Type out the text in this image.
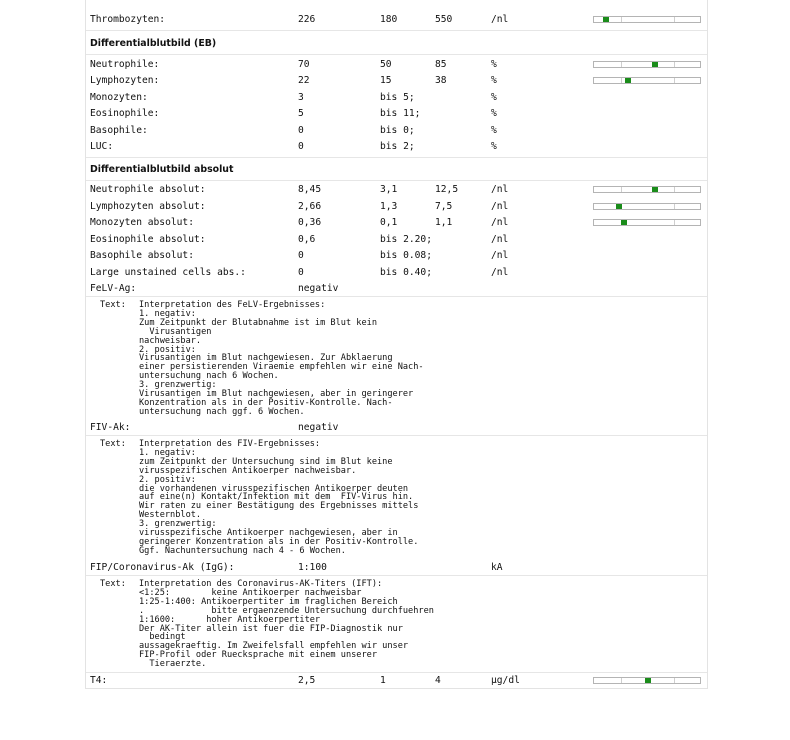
Thrombozyten:	226	180	550	/nl
Differentialblutbild (EB)
Neutrophile:	70	50	85	%
Lymphozyten:	22	15	38	%
Monozyten:	3	bis 5;	%
Eosinophile:	5	bis 11;	%
Basophile:	0	bis 0;	%
LUC:	0	bis 2;	%
Differentialblutbild absolut
Neutrophile absolut:	8,45	3,1	12,5	/nl
Lymphozyten absolut:	2,66	1,3	7,5	/nl
Monozyten absolut:	0,36	0,1	1,1	/nl
Eosinophile absolut:	0,6	bis 2.20;	/nl
Basophile absolut:	0	bis 0.08;	/nl
Large unstained cells abs.:	0	bis 0.40;	/nl
FeLV-Ag:	negativ
Text: Interpretation des FeLV-Ergebnisses:
1. negativ:
Zum Zeitpunkt der Blutabnahme ist im Blut kein
Virusantigen
nachweisbar.
2. positiv:
Virusantigen im Blut nachgewiesen. Zur Abklaerung
einer persistierenden Viraemie empfehlen wir eine Nach-
untersuchung nach 6 Wochen.
3. grenzwertig:
Virusantigen im Blut nachgewiesen, aber in geringerer
Konzentration als in der Positiv-Kontrolle. Nach-
untersuchung nach ggf. 6 Wochen.
FIV-Ak:	negativ
Text: Interpretation des FIV-Ergebnisses:
1. negativ:
zum Zeitpunkt der Untersuchung sind im Blut keine
virusspezifischen Antikoerper nachweisbar.
2. positiv:
die vorhandenen virusspezifischen Antikoerper deuten
auf eine(n) Kontakt/Infektion mit dem  FIV-Virus hin.
Wir raten zu einer Bestätigung des Ergebnisses mittels
Westernblot.
3. grenzwertig:
virusspezifische Antikoerper nachgewiesen, aber in
geringerer Konzentration als in der Positiv-Kontrolle.
Ggf. Nachuntersuchung nach 4 - 6 Wochen.
FIP/Coronavirus-Ak (IgG):	1:100	kA
Text: Interpretation des Coronavirus-AK-Titers (IFT):
<1:25:        keine Antikoerper nachweisbar
1:25-1:400: Antikoerpertiter im fraglichen Bereich
.             bitte ergaenzende Untersuchung durchfuehren
1:1600:      hoher Antikoerpertiter
Der AK-Titer allein ist fuer die FIP-Diagnostik nur
bedingt
aussagekraeftig. Im Zweifelsfall empfehlen wir unser
FIP-Profil oder Ruecksprache mit einem unserer
Tieraerzte.
T4:	2,5	1	4	µg/dl
